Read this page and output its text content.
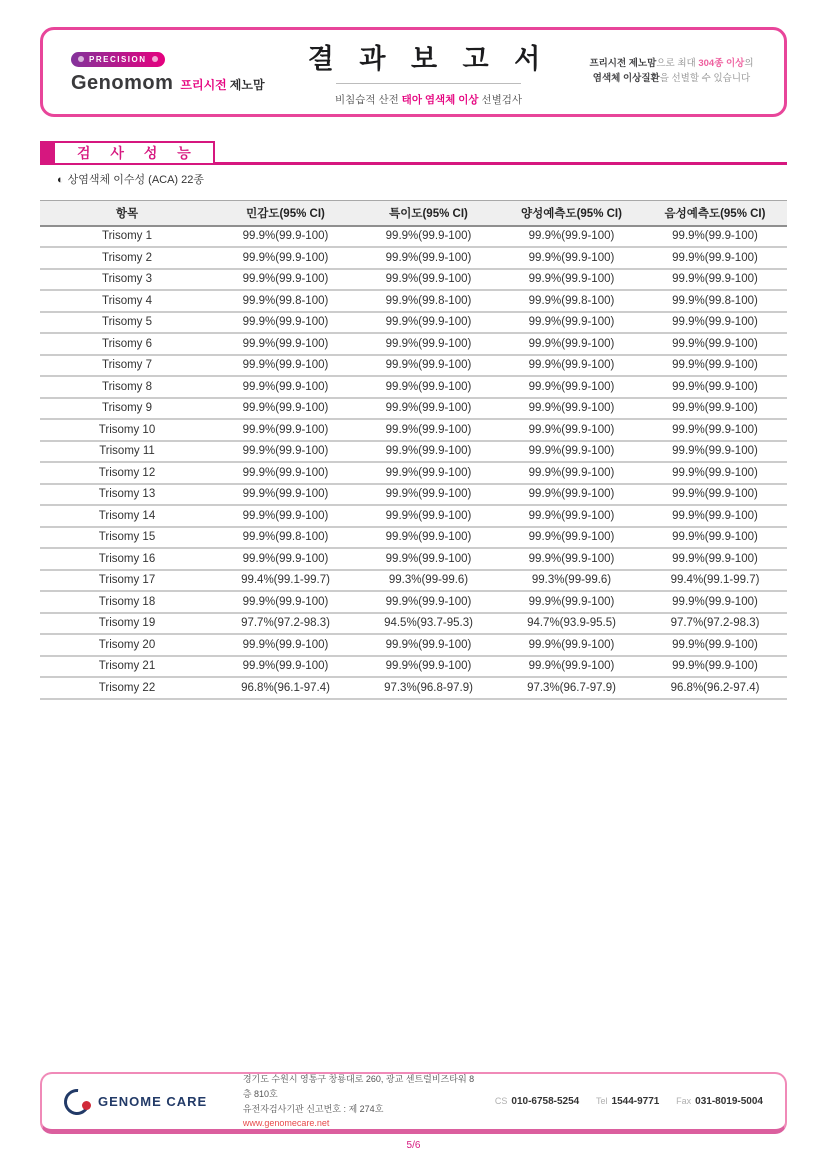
PRECISION
Genomom 프리시전 제노맘
결 과 보 고 서
비침습적 산전 태아 염색체 이상 선별검사
프리시전 제노맘으로 최대 304종 이상의
염색체 이상질환을 선별할 수 있습니다
검 사 성 능
◐ 상염색체 이수성 (ACA) 22종
항목	민감도(95% CI)	특이도(95% CI)	양성예측도(95% CI)	음성예측도(95% CI)
Trisomy 1	99.9%(99.9-100)	99.9%(99.9-100)	99.9%(99.9-100)	99.9%(99.9-100)
Trisomy 2	99.9%(99.9-100)	99.9%(99.9-100)	99.9%(99.9-100)	99.9%(99.9-100)
Trisomy 3	99.9%(99.9-100)	99.9%(99.9-100)	99.9%(99.9-100)	99.9%(99.9-100)
Trisomy 4	99.9%(99.8-100)	99.9%(99.8-100)	99.9%(99.8-100)	99.9%(99.8-100)
Trisomy 5	99.9%(99.9-100)	99.9%(99.9-100)	99.9%(99.9-100)	99.9%(99.9-100)
Trisomy 6	99.9%(99.9-100)	99.9%(99.9-100)	99.9%(99.9-100)	99.9%(99.9-100)
Trisomy 7	99.9%(99.9-100)	99.9%(99.9-100)	99.9%(99.9-100)	99.9%(99.9-100)
Trisomy 8	99.9%(99.9-100)	99.9%(99.9-100)	99.9%(99.9-100)	99.9%(99.9-100)
Trisomy 9	99.9%(99.9-100)	99.9%(99.9-100)	99.9%(99.9-100)	99.9%(99.9-100)
Trisomy 10	99.9%(99.9-100)	99.9%(99.9-100)	99.9%(99.9-100)	99.9%(99.9-100)
Trisomy 11	99.9%(99.9-100)	99.9%(99.9-100)	99.9%(99.9-100)	99.9%(99.9-100)
Trisomy 12	99.9%(99.9-100)	99.9%(99.9-100)	99.9%(99.9-100)	99.9%(99.9-100)
Trisomy 13	99.9%(99.9-100)	99.9%(99.9-100)	99.9%(99.9-100)	99.9%(99.9-100)
Trisomy 14	99.9%(99.9-100)	99.9%(99.9-100)	99.9%(99.9-100)	99.9%(99.9-100)
Trisomy 15	99.9%(99.8-100)	99.9%(99.9-100)	99.9%(99.9-100)	99.9%(99.9-100)
Trisomy 16	99.9%(99.9-100)	99.9%(99.9-100)	99.9%(99.9-100)	99.9%(99.9-100)
Trisomy 17	99.4%(99.1-99.7)	99.3%(99-99.6)	99.3%(99-99.6)	99.4%(99.1-99.7)
Trisomy 18	99.9%(99.9-100)	99.9%(99.9-100)	99.9%(99.9-100)	99.9%(99.9-100)
Trisomy 19	97.7%(97.2-98.3)	94.5%(93.7-95.3)	94.7%(93.9-95.5)	97.7%(97.2-98.3)
Trisomy 20	99.9%(99.9-100)	99.9%(99.9-100)	99.9%(99.9-100)	99.9%(99.9-100)
Trisomy 21	99.9%(99.9-100)	99.9%(99.9-100)	99.9%(99.9-100)	99.9%(99.9-100)
Trisomy 22	96.8%(96.1-97.4)	97.3%(96.8-97.9)	97.3%(96.7-97.9)	96.8%(96.2-97.4)
GENOME CARE
경기도 수원시 영통구 창룡대로 260, 광교 센트럴비즈타워 8층 810호
유전자검사기관 신고번호 : 제 274호
www.genomecare.net
CS 010-6758-5254 Tel 1544-9771 Fax 031-8019-5004
5/6
